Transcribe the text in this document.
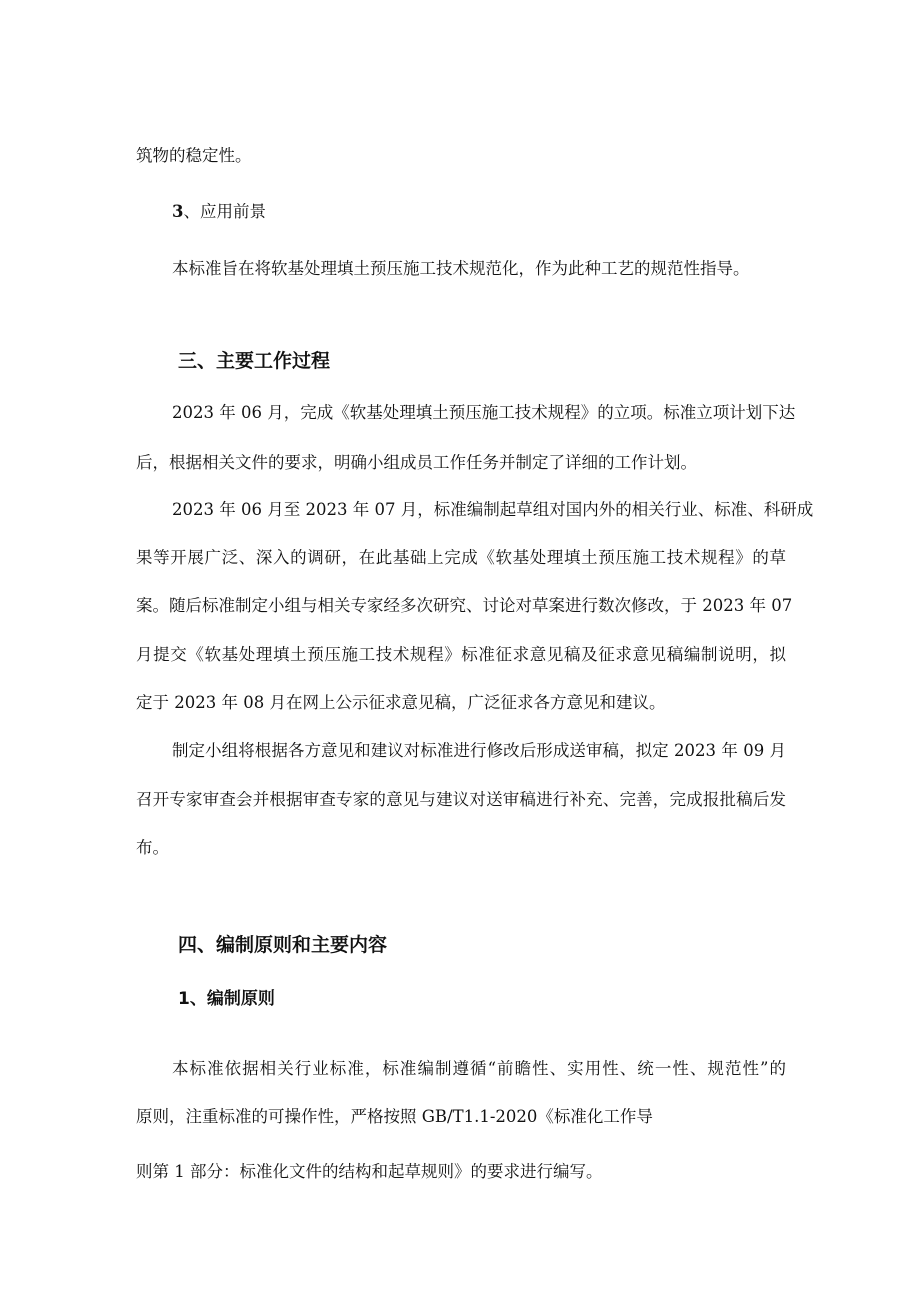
筑物的稳定性。

3、应用前景

本标准旨在将软基处理填土预压施工技术规范化，作为此种工艺的规范性指导。

三、主要工作过程

2023 年 06 月，完成《软基处理填土预压施工技术规程》的立项。标准立项计划下达

后，根据相关文件的要求，明确小组成员工作任务并制定了详细的工作计划。

2023 年 06 月至 2023 年 07 月，标准编制起草组对国内外的相关行业、标准、科研成

果等开展广泛、深入的调研，在此基础上完成《软基处理填土预压施工技术规程》的草

案。随后标准制定小组与相关专家经多次研究、讨论对草案进行数次修改，于 2023 年 07

月提交《软基处理填土预压施工技术规程》标准征求意见稿及征求意见稿编制说明，拟

定于 2023 年 08 月在网上公示征求意见稿，广泛征求各方意见和建议。

制定小组将根据各方意见和建议对标准进行修改后形成送审稿，拟定 2023 年 09 月

召开专家审查会并根据审查专家的意见与建议对送审稿进行补充、完善，完成报批稿后发

布。

四、编制原则和主要内容
1、编制原则

本标准依据相关行业标准，标准编制遵循“前瞻性、实用性、统一性、规范性”的

原则，注重标准的可操作性，严格按照 GB/T1.1-2020《标准化工作导

则第 1 部分：标准化文件的结构和起草规则》的要求进行编写。
